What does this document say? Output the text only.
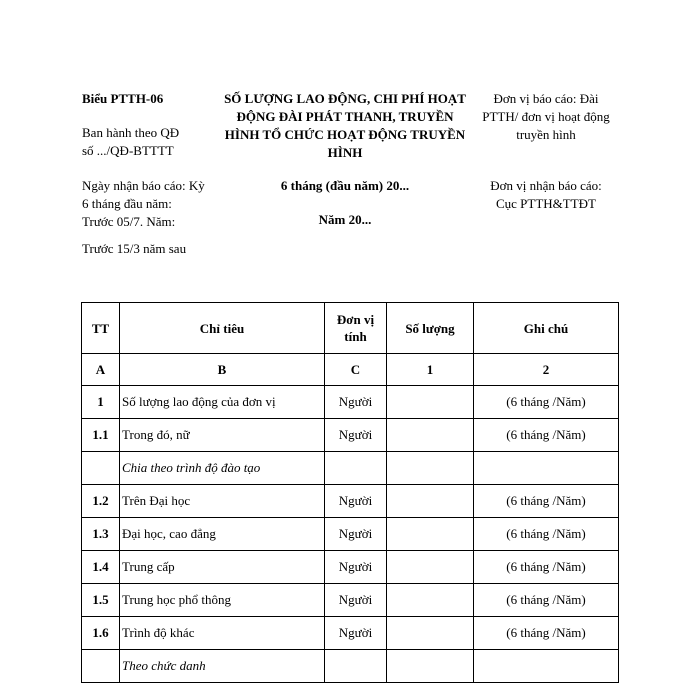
Biểu PTTH-06

Ban hành theo QĐ

số .../QĐ-BTTTT

SỐ LƯỢNG LAO ĐỘNG, CHI PHÍ HOẠT

ĐỘNG ĐÀI PHÁT THANH, TRUYỀN

HÌNH TỔ CHỨC HOẠT ĐỘNG TRUYỀN

HÌNH

Đơn vị báo cáo: Đài

PTTH/ đơn vị hoạt động

truyền hình

Ngày nhận báo cáo: Kỳ

6 tháng đầu năm:

Trước 05/7. Năm:

Trước 15/3 năm sau
6 tháng (đầu năm) 20...
Năm 20...

Đơn vị nhận báo cáo:

Cục PTTH&TTĐT

TT	Chỉ tiêu	Đơn vị tính	Số lượng	Ghi chú
A	B	C	1	2
1	Số lượng lao động của đơn vị	Người		(6 tháng /Năm)
1.1	Trong đó, nữ	Người		(6 tháng /Năm)
	Chia theo trình độ đào tạo			
1.2	Trên Đại học	Người		(6 tháng /Năm)
1.3	Đại học, cao đẳng	Người		(6 tháng /Năm)
1.4	Trung cấp	Người		(6 tháng /Năm)
1.5	Trung học phổ thông	Người		(6 tháng /Năm)
1.6	Trình độ khác	Người		(6 tháng /Năm)
	Theo chức danh			
